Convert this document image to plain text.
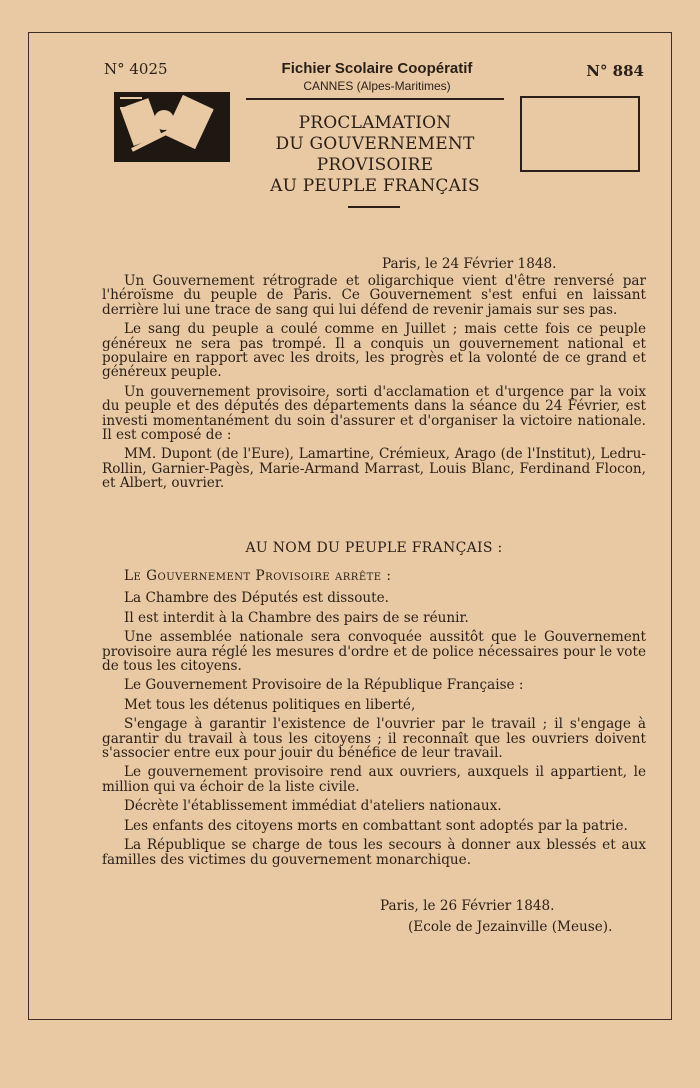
N° 4025	N° 884
Fichier Scolaire Coopératif
CANNES (Alpes-Maritimes)
PROCLAMATION
DU GOUVERNEMENT
PROVISOIRE
AU PEUPLE FRANÇAIS
Paris, le 24 Février 1848.

Un Gouvernement rétrograde et oligarchique vient d'être renversé par l'héroïsme du peuple de Paris. Ce Gouvernement s'est enfui en laissant derrière lui une trace de sang qui lui défend de revenir jamais sur ses pas.

Le sang du peuple a coulé comme en Juillet ; mais cette fois ce peuple généreux ne sera pas trompé. Il a conquis un gouvernement national et populaire en rapport avec les droits, les progrès et la volonté de ce grand et généreux peuple.

Un gouvernement provisoire, sorti d'acclamation et d'urgence par la voix du peuple et des députés des départements dans la séance du 24 Février, est investi momentanément du soin d'assurer et d'organiser la victoire nationale. Il est composé de :

MM. Dupont (de l'Eure), Lamartine, Crémieux, Arago (de l'Institut), Ledru-Rollin, Garnier-Pagès, Marie-Armand Marrast, Louis Blanc, Ferdinand Flocon, et Albert, ouvrier.

AU NOM DU PEUPLE FRANÇAIS :

Le Gouvernement Provisoire arrête :

La Chambre des Députés est dissoute.

Il est interdit à la Chambre des pairs de se réunir.

Une assemblée nationale sera convoquée aussitôt que le Gouvernement provisoire aura réglé les mesures d'ordre et de police nécessaires pour le vote de tous les citoyens.

Le Gouvernement Provisoire de la République Française :

Met tous les détenus politiques en liberté,

S'engage à garantir l'existence de l'ouvrier par le travail ; il s'engage à garantir du travail à tous les citoyens ; il reconnaît que les ouvriers doivent s'associer entre eux pour jouir du bénéfice de leur travail.

Le gouvernement provisoire rend aux ouvriers, auxquels il appartient, le million qui va échoir de la liste civile.

Décrète l'établissement immédiat d'ateliers nationaux.

Les enfants des citoyens morts en combattant sont adoptés par la patrie.

La République se charge de tous les secours à donner aux blessés et aux familles des victimes du gouvernement monarchique.

Paris, le 26 Février 1848.
(Ecole de Jezainville (Meuse).
